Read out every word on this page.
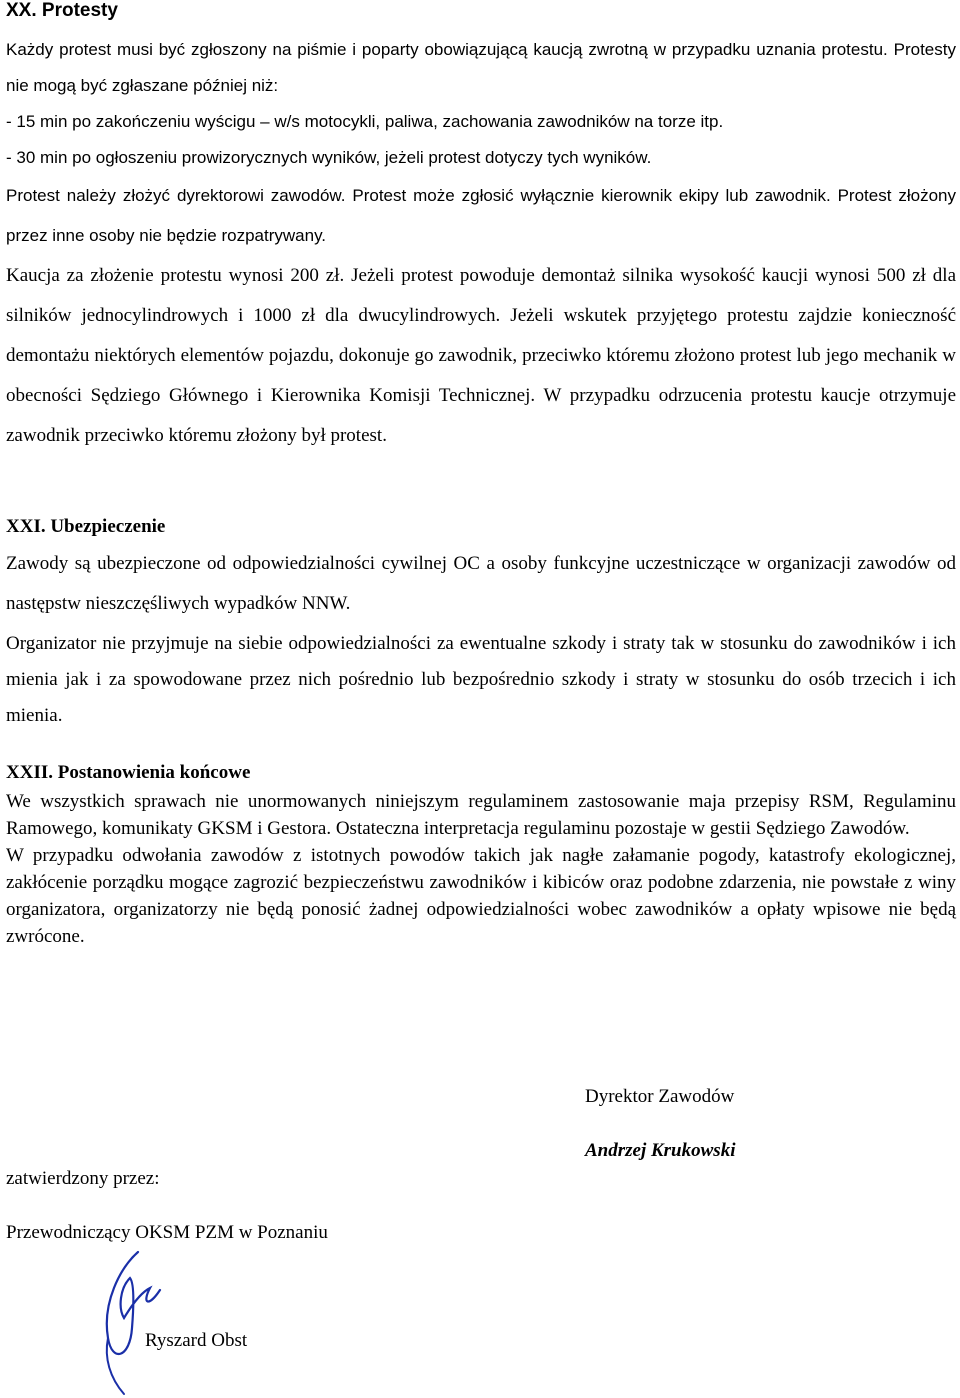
XX. Protesty

Każdy protest musi być zgłoszony na piśmie i poparty obowiązującą kaucją zwrotną w przypadku uznania protestu. Protesty nie mogą być zgłaszane później niż:

- 15 min po zakończeniu wyścigu – w/s motocykli, paliwa, zachowania zawodników na torze itp.

- 30 min po ogłoszeniu prowizorycznych wyników, jeżeli protest dotyczy tych wyników.

Protest należy złożyć dyrektorowi zawodów. Protest może zgłosić wyłącznie kierownik ekipy lub zawodnik. Protest złożony przez inne osoby nie będzie rozpatrywany.

Kaucja za złożenie protestu wynosi 200 zł. Jeżeli protest powoduje demontaż silnika wysokość kaucji wynosi 500 zł dla silników jednocylindrowych i 1000 zł dla dwucylindrowych. Jeżeli wskutek przyjętego protestu zajdzie konieczność demontażu niektórych elementów pojazdu, dokonuje go zawodnik, przeciwko któremu złożono protest lub jego mechanik w obecności Sędziego Głównego i Kierownika Komisji Technicznej. W przypadku odrzucenia protestu kaucje otrzymuje zawodnik przeciwko któremu złożony był protest.

XXI. Ubezpieczenie

Zawody są ubezpieczone od odpowiedzialności cywilnej OC a osoby funkcyjne uczestniczące w organizacji zawodów od następstw nieszczęśliwych wypadków NNW.

Organizator nie przyjmuje na siebie odpowiedzialności za ewentualne szkody i straty tak w stosunku do zawodników i ich mienia jak i za spowodowane przez nich pośrednio lub bezpośrednio szkody i straty w stosunku do osób trzecich i ich mienia.

XXII. Postanowienia końcowe

We wszystkich sprawach nie unormowanych niniejszym regulaminem zastosowanie maja przepisy RSM, Regulaminu Ramowego, komunikaty GKSM i Gestora. Ostateczna interpretacja regulaminu pozostaje w gestii Sędziego Zawodów.

W przypadku odwołania zawodów z istotnych powodów takich jak nagłe załamanie pogody, katastrofy ekologicznej, zakłócenie porządku mogące zagrozić bezpieczeństwu zawodników i kibiców oraz podobne zdarzenia, nie powstałe z winy organizatora, organizatorzy nie będą ponosić żadnej odpowiedzialności wobec zawodników a opłaty wpisowe nie będą zwrócone.

Dyrektor Zawodów
Andrzej Krukowski
zatwierdzony przez:
Przewodniczący OKSM PZM w Poznaniu
Ryszard Obst
